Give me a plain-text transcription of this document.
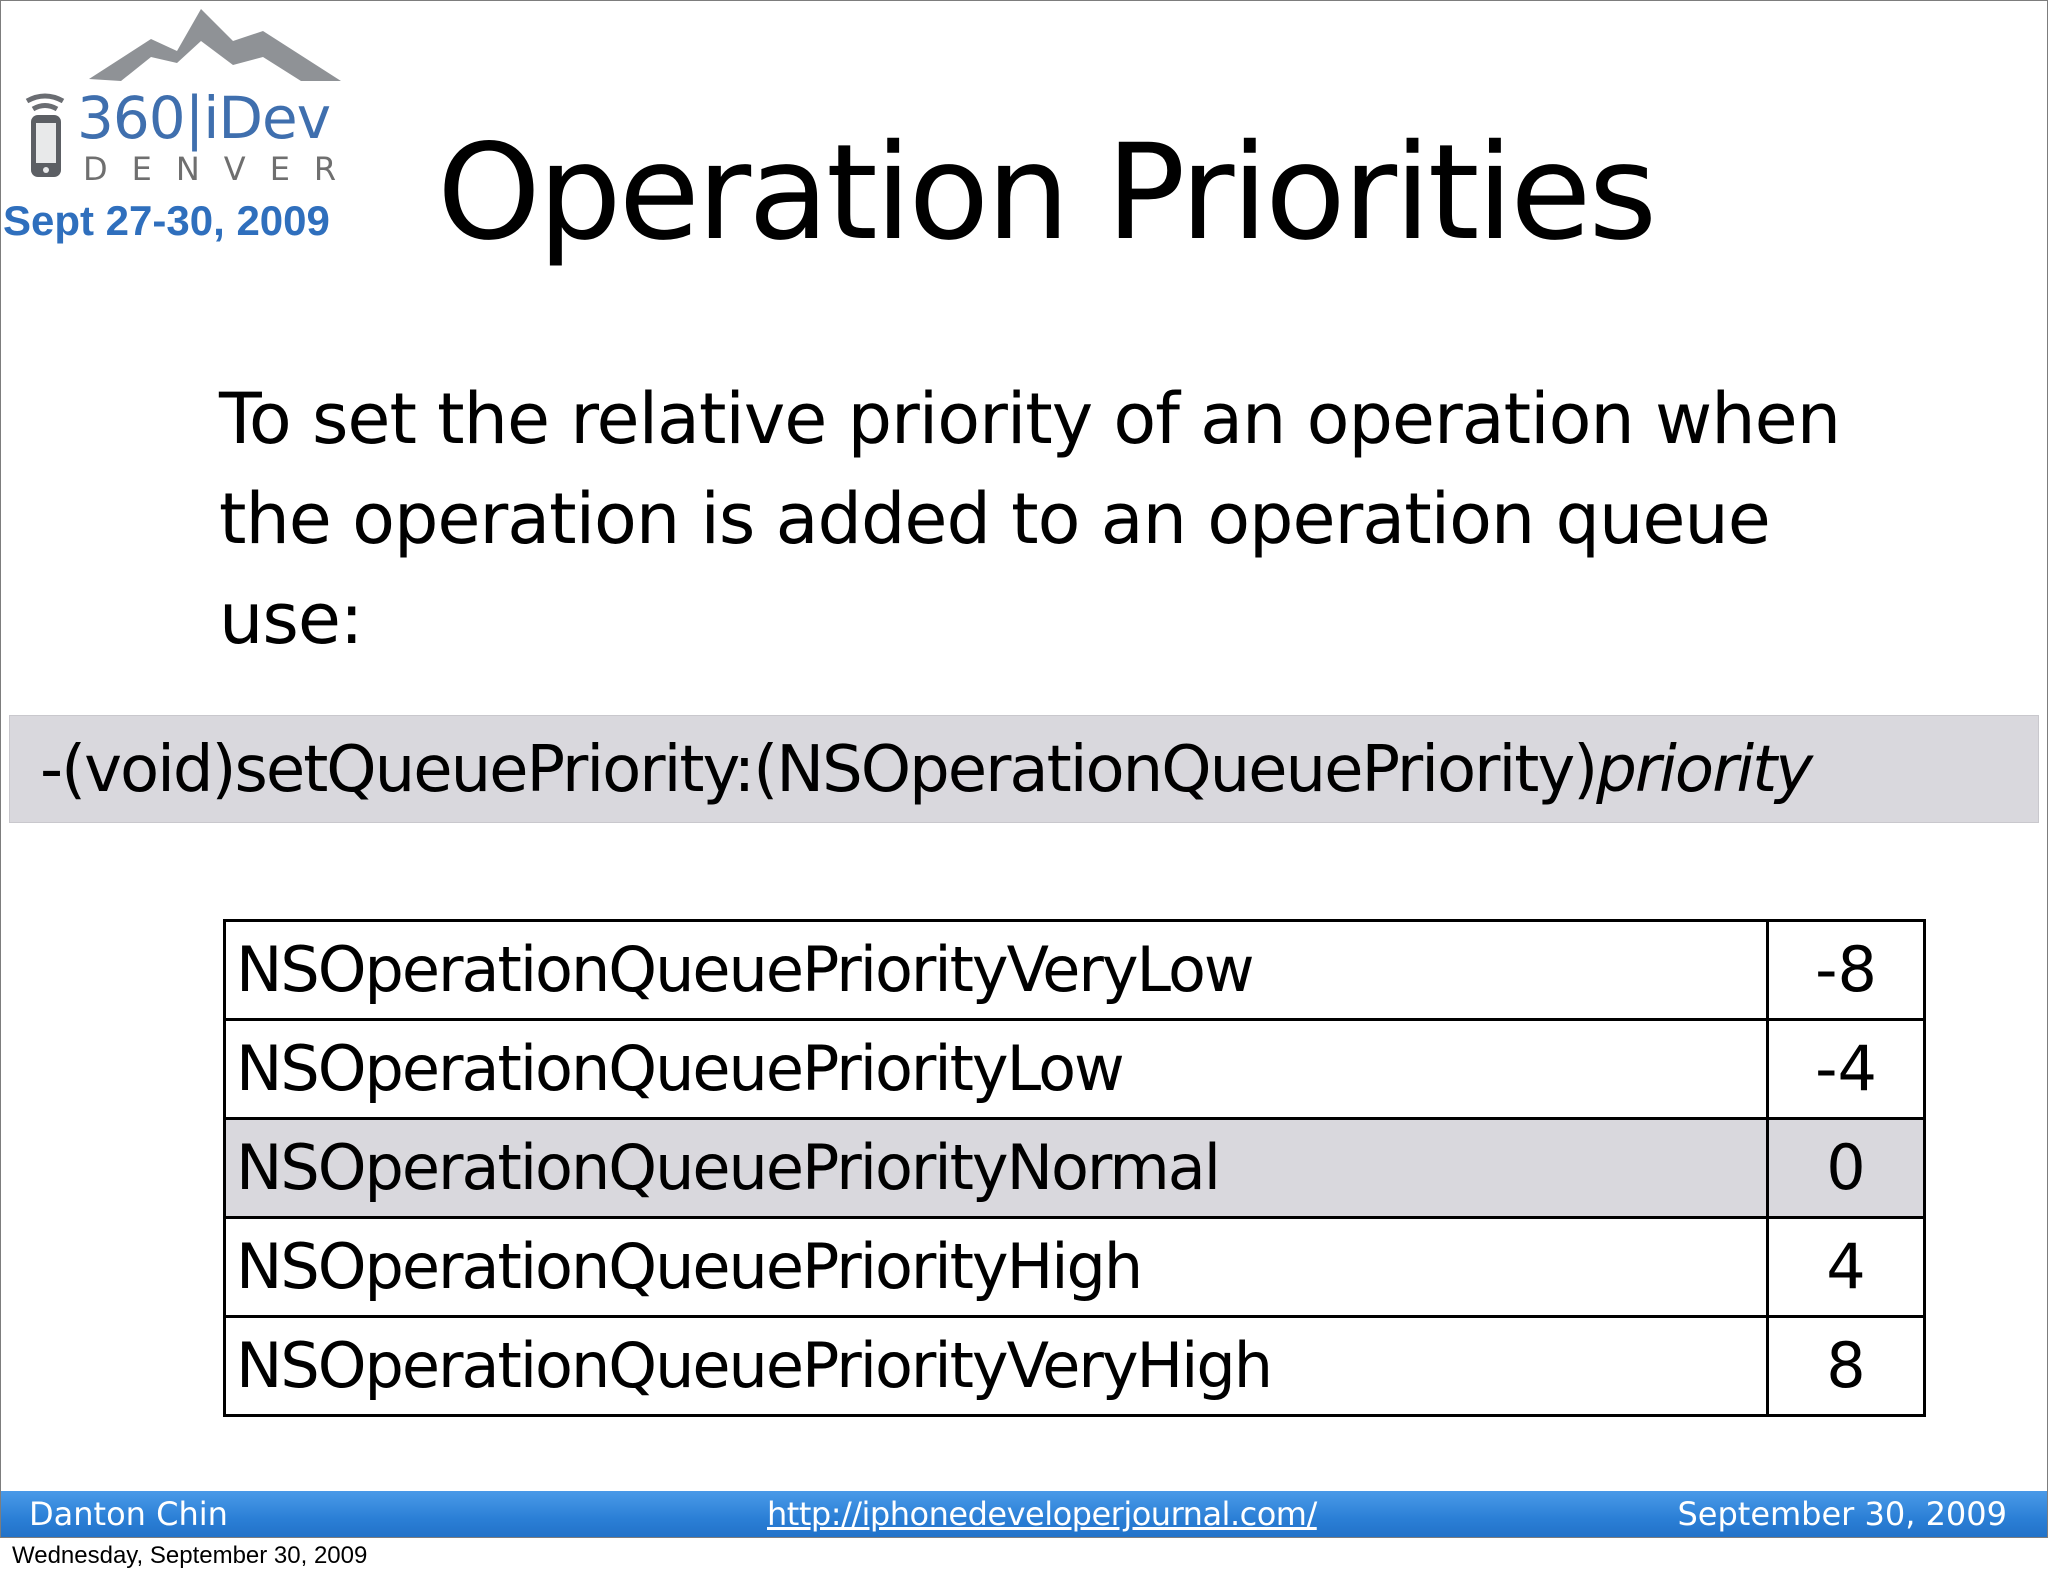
360|iDev
DENVER
Sept 27-30, 2009 Operation Priorities

To set the relative priority of an operation when the operation is added to an operation queue use:

-(void)setQueuePriority:(NSOperationQueuePriority)priority
NSOperationQueuePriorityVeryLow	-8
NSOperationQueuePriorityLow	-4
NSOperationQueuePriorityNormal	0
NSOperationQueuePriorityHigh	4
NSOperationQueuePriorityVeryHigh	8
Danton Chin	http://iphonedeveloperjournal.com/	September 30, 2009
Wednesday, September 30, 2009
